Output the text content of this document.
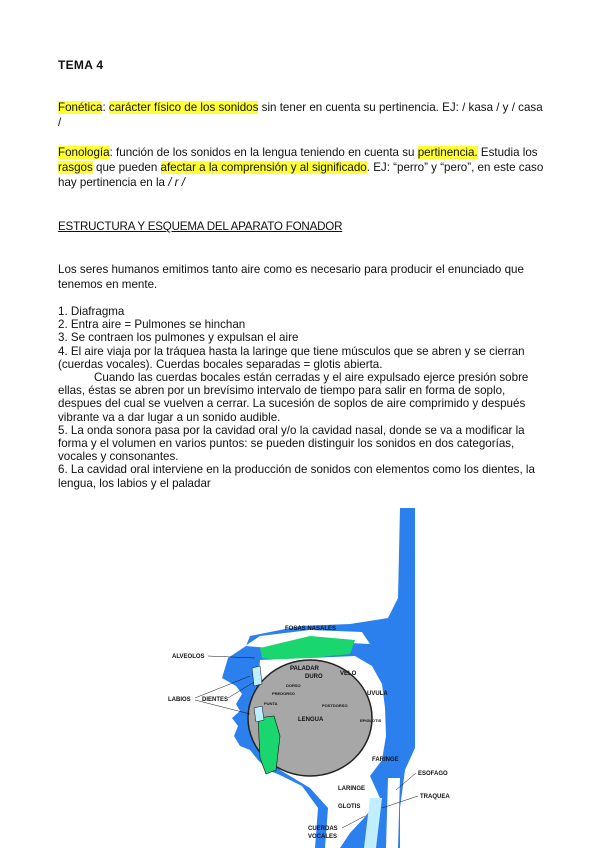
TEMA 4
Fonética: carácter físico de los sonidos sin tener en cuenta su pertinencia. EJ: / kasa / y / casa /
Fonología: función de los sonidos en la lengua teniendo en cuenta su pertinencia. Estudia los rasgos que pueden afectar a la comprensión y al significado. EJ: “perro” y “pero”, en este caso hay pertinencia en la / r /
ESTRUCTURA Y ESQUEMA DEL APARATO FONADOR
Los seres humanos emitimos tanto aire como es necesario para producir el enunciado que tenemos en mente.
1. Diafragma
2. Entra aire = Pulmones se hinchan
3. Se contraen los pulmones y expulsan el aire
4. El aire viaja por la tráquea hasta la laringe que tiene músculos que se abren y se cierran (cuerdas vocales). Cuerdas bocales separadas = glotis abierta.
Cuando las cuerdas bocales están cerradas y el aire expulsado ejerce presión sobre ellas, éstas se abren por un brevísimo intervalo de tiempo para salir en forma de soplo, despues del cual se vuelven a cerrar. La sucesión de soplos de aire comprimido y después vibrante va a dar lugar a un sonido audible.
5. La onda sonora pasa por la cavidad oral y/o la cavidad nasal, donde se va a modificar la forma y el volumen en varios puntos: se pueden distinguir los sonidos en dos categorías, vocales y consonantes.
6. La cavidad oral interviene en la producción de sonidos con elementos como los dientes, la lengua, los labios y el paladar
FOSAS NASALES
ALVEOLOS
PALADAR
DURO	VELO
UVULA
LABIOS DIENTES
PREDORSO
DORSO
PUNTA	POSTDORSO
LENGUA	EPIGLOTIS
FARINGE
LARINGE
GLOTIS
ESOFAGO
TRAQUEA
CUERDAS
VOCALES
